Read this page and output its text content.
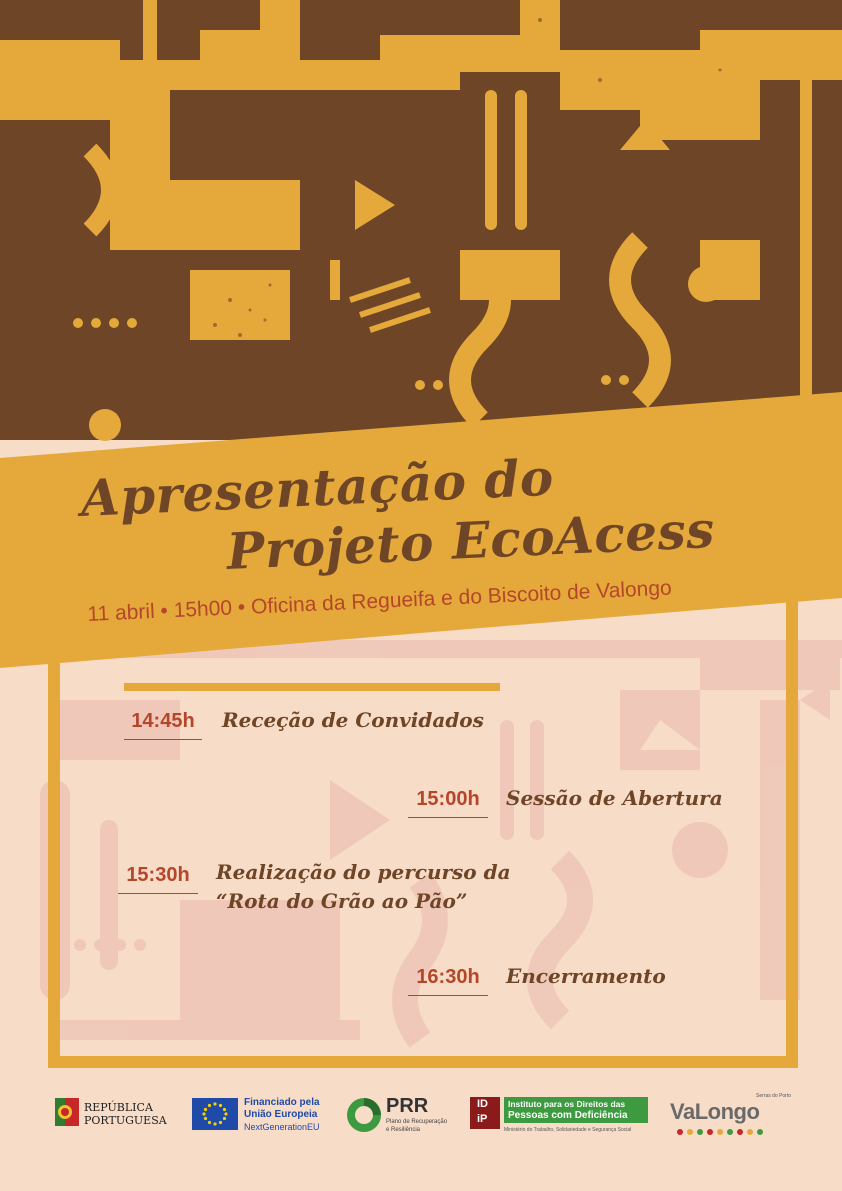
Apresentação do
Projeto EcoAcess
11 abril • 15h00 • Oficina da Regueifa e do Biscoito de Valongo
14:45h	Receção de Convidados
15:00h	Sessão de Abertura
15:30h	Realização do percurso da
“Rota do Grão ao Pão”
16:30h	Encerramento
REPÚBLICA
PORTUGUESA
Financiado pela
União Europeia
NextGenerationEU
PRR
Plano de Recuperação
e Resiliência
ID
iP
Instituto para os Direitos das
Pessoas com Deficiência
Ministério do Trabalho, Solidariedade e Segurança Social
Serras do Porto
VaLongo
